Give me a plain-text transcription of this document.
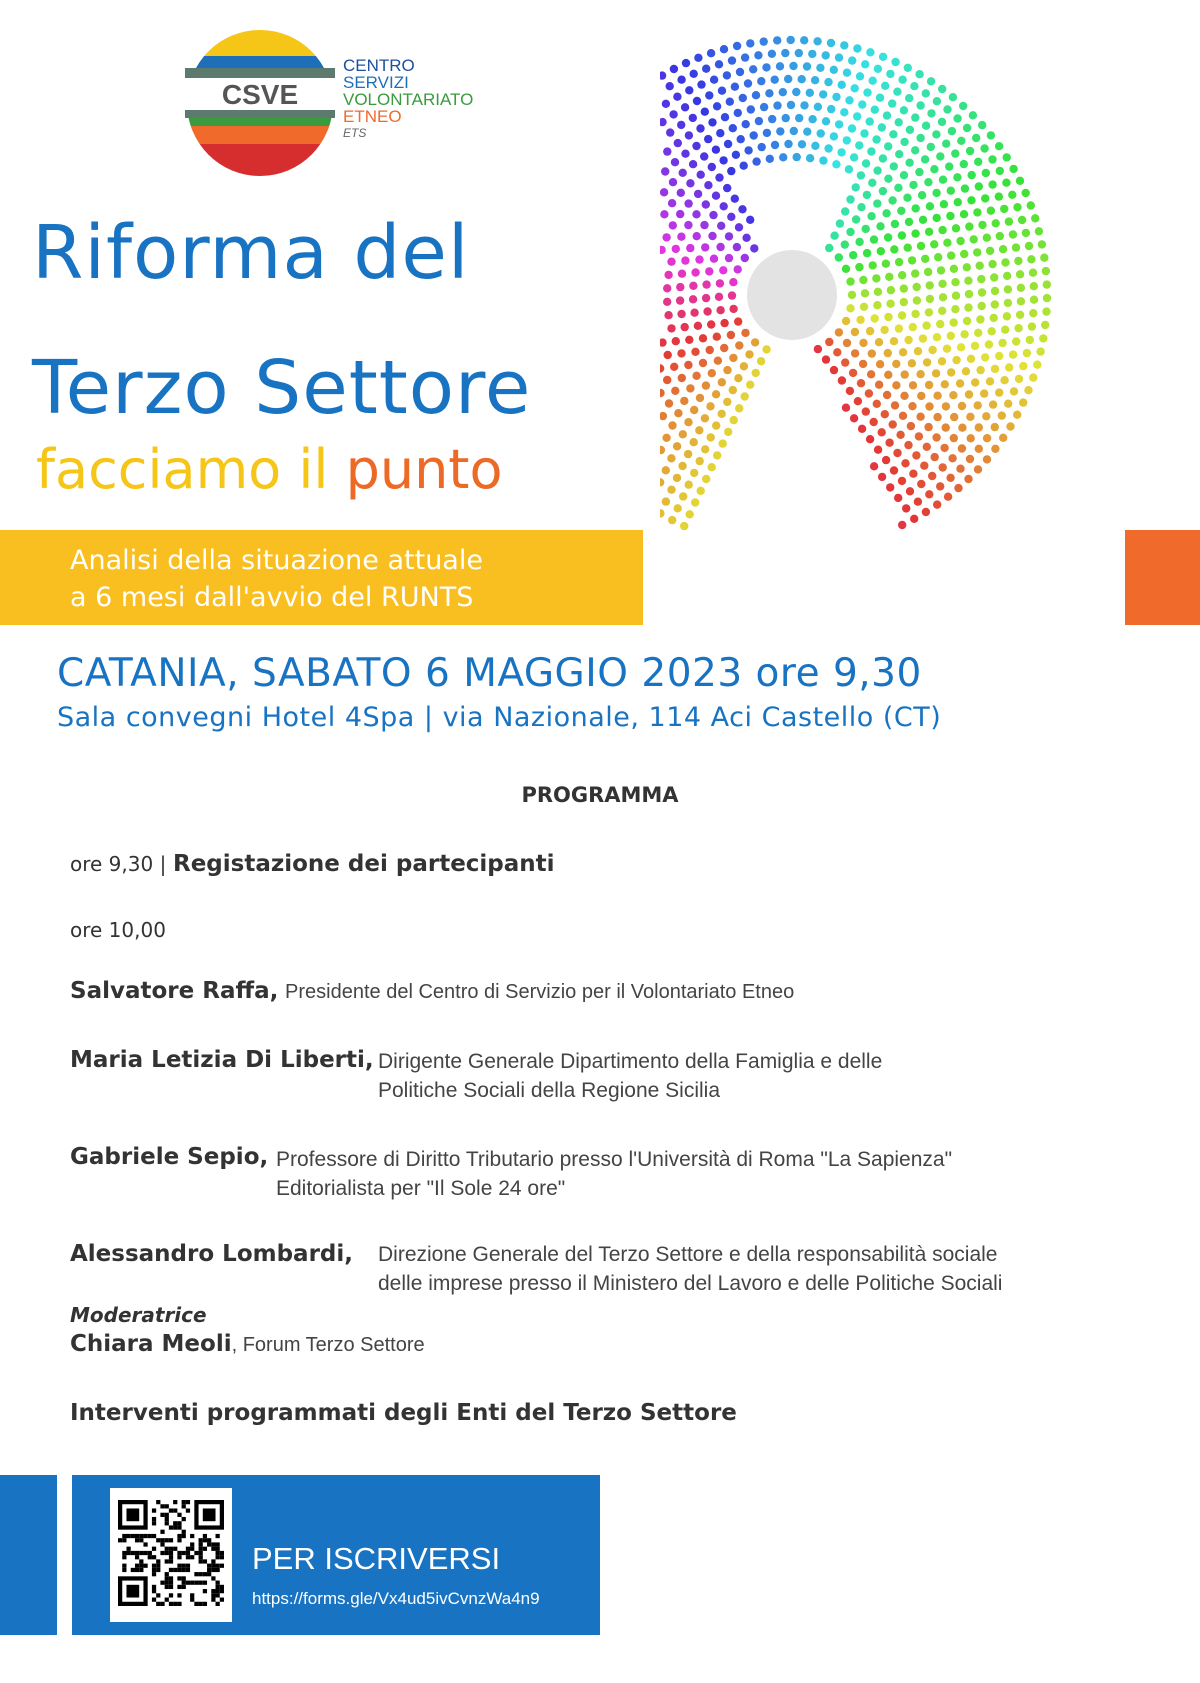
CSVE
CENTRO
SERVIZI
VOLONTARIATO
ETNEO
ETS
Riforma del
Terzo Settore
facciamo il punto
Analisi della situazione attuale
a 6 mesi dall'avvio del RUNTS
CATANIA, SABATO 6 MAGGIO 2023 ore 9,30
Sala convegni Hotel 4Spa | via Nazionale, 114 Aci Castello (CT)
PROGRAMMA
ore 9,30 | Registazione dei partecipanti
ore 10,00
Salvatore Raffa, Presidente del Centro di Servizio per il Volontariato Etneo
Maria Letizia Di Liberti, Dirigente Generale Dipartimento della Famiglia e delle
Politiche Sociali della Regione Sicilia
Gabriele Sepio, Professore di Diritto Tributario presso l'Università di Roma "La Sapienza"
Editorialista per "Il Sole 24 ore"
Alessandro Lombardi, Direzione Generale del Terzo Settore e della responsabilità sociale
delle imprese presso il Ministero del Lavoro e delle Politiche Sociali
Moderatrice
Chiara Meoli, Forum Terzo Settore
Interventi programmati degli Enti del Terzo Settore
PER ISCRIVERSI
https://forms.gle/Vx4ud5ivCvnzWa4n9
